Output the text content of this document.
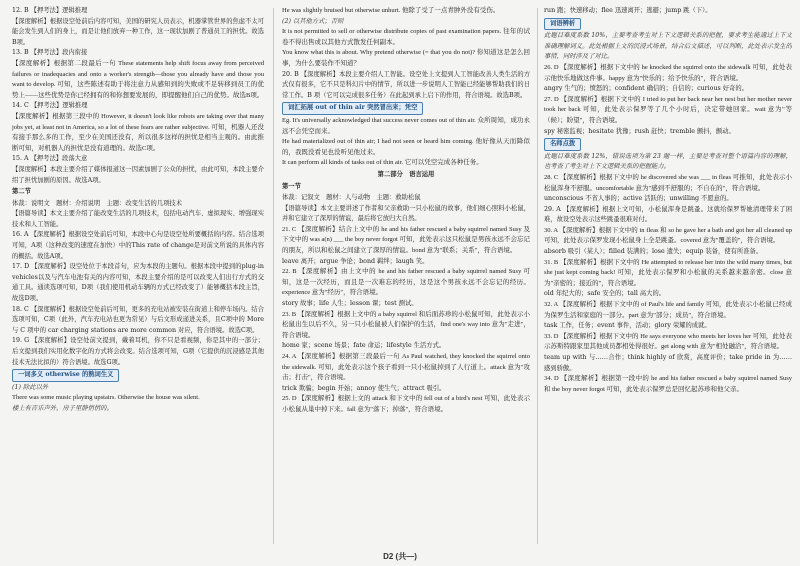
12. B 【押考法】逻辑推理

【深度解析】根据设空处前后内容可知，美国的研究人员表示，机器掌管世界的焦虑不太可能会发生到人们的身上，而是让他们放弃一种工作，这一现状加剧了普通员工的担忧。故选B项。

13. B 【押考法】段内衔接

【深度解析】根据第二段最后一句 These statements help shift focus away from perceived failures or inadequacies and onto a worker's strength—those you already have and those you want to develop. 可知，这些陈述有助于将注意力从感知到的失败或不足转移到员工的优势上——这些优势是你已经拥有的和你想要发展的，即提醒他们自己的优势。故选B项。

14. C 【押考法】逻辑推理

【深度解析】根据第三段中的 However, it doesn't look like robots are taking over that many jobs yet, at least not in America, so a lot of these fears are rather subjective. 可知，机器人还没有接手那么多的工作，至少在美国还没有，所以很多这样的担忧是相当主观的。由此推断可知，对机器人的担忧是没有道理的。故选C项。

15. A 【押考法】段落大意

【深度解析】本段主要介绍了媒体报道这一因素加剧了公众的担忧，由此可知，本段主要介绍了担忧加剧的原因。故选A项。

第二节

体裁：说明文　题材：介绍说明　主题：改变生活的几项技术

【语篇导读】本文主要介绍了能改变生活的几项技术，包括电动汽车、虚拟现实、增强现实技术和人工智能。

16. A 【深度解析】根据设空处前后可知，本段中心句是设空处所要概括的内容。结合选项可知，A项（这种改变的速度在加快）中的This rate of change是对前文所说的具体内容的概括。故选A项。

17. D 【深度解析】设空处位于本段首句，应为本段的主题句。根据本段中提到的plug-in vehicles以及与汽车电池有关的内容可知，本段主要介绍的是可以改变人们出行方式的交通工具。通读选项可知，D项（我们使用机动车辆的方式已经改变了）能够概括本段主旨，故选D项。

18. C 【深度解析】根据设空处前后可知，更多的充电站被安装在街道上和停车场内。结合选项可知，C项（此外，汽车充电站也更为常见）与后文形成递进关系，且C项中的 More 与 C 项中的 car charging stations are more common 对应，符合语境。故选C项。

19. G 【深度解析】设空处前文提到，戴着耳机，你不只是看视频，你是其中的一部分；后文提到我们实用化数字化的方式将会改变。结合选项可知，G项（它提供的沉浸感是其他技术无法比拟的）符合语境。故选G项。

一词多义 otherwise 的熟词生义

(1) 除此以外

There was some music playing upstairs. Otherwise the house was silent.

楼上有音乐声外，房子里静悄悄的。

He was slightly bruised but otherwise unhurt. 他除了受了一点青肿外没有受伤。

(2) 以其他方式；否则

It is not permitted to sell or otherwise distribute copies of past examination papers. 往年的试卷不得出售或以其他方式散发任何副本。

You know what this is about. Why pretend otherwise (= that you do not)? 你知道这是怎么回事，为什么要装作不知道？

20. B 【深度解析】本段主要介绍人工智能。设空处上文提到人工智能改善人类生活的方式仅有很多，它不只是科幻片中的情节，所以进一步说明人工智能已经能够帮助我们的日常工作。B 项（它可以完成很多任务）在此起到承上启下的作用，符合语境。故选B项。

词汇拓展 out of thin air 突然冒出来；凭空

Eg. It's universally acknowledged that success never comes out of thin air. 众所周知，成功永远不会凭空而来。

He had materialized out of thin air; I had not seen or heard him coming. 他好像从天而降似的，我既没看见也没听见他过来。

It can perform all kinds of tasks out of thin air. 它可以凭空完成各种任务。

第二部分　语言运用

第一节

体裁：记叙文　题材：人与动物　主题：救助松鼠

【语篇导读】本文主要讲述了作者和父亲救助一只小松鼠的故事，他们细心照料小松鼠，并和它建立了深厚的情谊，最后将它放归大自然。

21. C 【深度解析】结合上文中的 he and his father rescued a baby squirrel named Susy 及下文中的 was a(n) ___ the boy never forgot 可知，此处表示这只松鼠是男孩永远不会忘记的朋友，所以和松鼠之间建立了深厚的情谊。bond 意为"联系；关系"，符合语境。

leave 离开；argue 争论；bond 羁绊；laugh 笑。

22. B 【深度解析】由上文中的 he and his father rescued a baby squirrel named Susy 可知，这是一次经历，而且是一次难忘的经历，这是这个男孩永远不会忘记的经历。experience 意为"经历"，符合语境。

story 故事；life 人生；lesson 课；test 测试。

23. B 【深度解析】根据上文中的 a baby squirrel 和后面苏珍的小松鼠可知，此处表示小松鼠出生以后不久，另一只小松鼠被人们保护的生活，find one's way into 意为"走进"，符合语境。

home 家；scene 场景；fate 命运；lifestyle 生活方式。

24. A 【深度解析】根据第三段最后一句 As Paul watched, they knocked the squirrel onto the sidewalk. 可知，此处表示这个孩子看到一只小松鼠掉到了人行道上。attack 意为"攻击；打击"，符合语境。

trick 欺骗；begin 开始；annoy 使生气；attract 吸引。

25. D 【深度解析】根据上文的 attack 和下文中的 fell out of a bird's nest 可知，此处表示小松鼠从巢中掉下来。fall 意为"落下；掉落"，符合语境。

run 跑；快速移动；flee 迅速离开；逃避；jump 跳（下）。

词语辨析

此题目难度系数 10%，主要考查考生对上下文逻辑关系的把握，要求考生能通过上下文准确理解词义。此处根据上文的沉浸式场景，结合后文描述，可以判断，此处表示发生的事情，同时涉及了对比。

26. D 【深度解析】根据下文中的 he knocked the squirrel onto the sidewalk 可知，此处表示他快乐地做这件事。happy 意为"快乐的；给予快乐的"，符合语境。

angry 生气的；愤怒的；confident 确信的；自信的；curious 好奇的。

27. D 【深度解析】根据下文中的 I tried to put her back near her nest but her mother never took her back 可知，此处表示保罗等了几个小时后，决定带她回家。wait 意为"等（候）；盼望"，符合语境。

spy 秘密监视；hesitate 犹豫；rush 赶快；tremble 颤抖，颤动。

名师点拨

此题目难度系数 12%，错误选项为第 23 题一样，主要是考查对整个语篇内容的理解，也考查了考生对上下文逻辑关系的把握能力。

28. C 【深度解析】根据下文中的 he discovered she was ___ in fleas 可推知，此处表示小松鼠浑身不舒服。uncomfortable 意为"感到不舒服的；不自在的"，符合语境。

unconscious 不省人事的；active 活跃的；unwilling 不愿意的。

29. A 【深度解析】根据上文可知，小松鼠浑身是跳蚤。这就给保罗帮她清理带来了困难，故设空处表示这些跳蚤很难对付。

30. A 【深度解析】根据下文中的 in fleas 和 so he gave her a bath and got her all cleaned up 可知，此处表示保罗发现小松鼠身上全是跳蚤。covered 意为"覆盖的"，符合语境。

absorb 吸引（某人）；filled 装满的；lose 遗失；equip 装备，使有所准备。

31. B 【深度解析】根据下文中的 He attempted to release her into the wild many times, but she just kept coming back! 可知，此处表示保罗和小松鼠的关系越来越亲密。close 意为"亲密的；接近的"，符合语境。

old 年纪大的；safe 安全的；tall 高大的。

32. A 【深度解析】根据下文中的 of Paul's life and family 可知，此处表示小松鼠已经成为保罗生活和家庭的一部分。part 意为"部分；成员"，符合语境。

task 工作，任务；event 事件，活动；glory 荣耀的成就。

33. D 【深度解析】根据下文中的 He says everyone who meets her loves her 可知，此处表示苏斯特跟家里其他成员都相处得很好。get along with 意为"相处融洽"，符合语境。

team up with 与……合作；think highly of 欣赏，高度评价；take pride in 为……感到骄傲。

34. D 【深度解析】根据第一段中的 he and his father rescued a baby squirrel named Susy 和 the boy never forgot 可知，此处表示保罗总是回忆起苏珍和他父亲。

D2 (共—)
